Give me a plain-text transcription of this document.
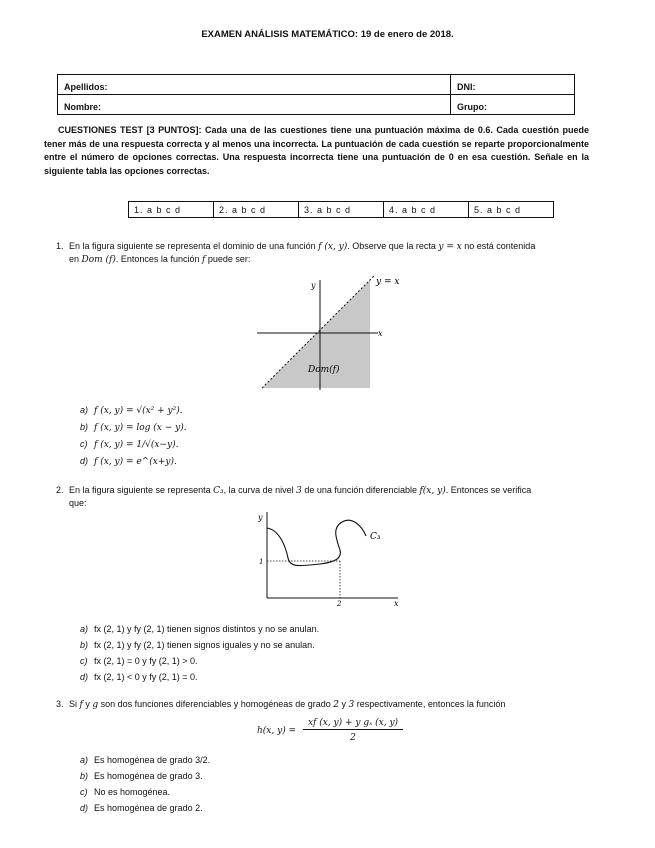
EXAMEN ANÁLISIS MATEMÁTICO: 19 de enero de 2018.
Apellidos:	DNI:
Nombre:	Grupo:
CUESTIONES TEST [3 PUNTOS]: Cada una de las cuestiones tiene una puntuación máxima de 0.6. Cada cuestión puede tener más de una respuesta correcta y al menos una incorrecta. La puntuación de cada cuestión se reparte proporcionalmente entre el número de opciones correctas. Una respuesta incorrecta tiene una puntuación de 0 en esa cuestión. Señale en la siguiente tabla las opciones correctas.
1. a b c d	2. a b c d	3. a b c d	4. a b c d	5. a b c d
1. En la figura siguiente se representa el dominio de una función f (x, y). Observe que la recta y = x no está contenida
en Dom (f). Entonces la función f puede ser:
y
x
y = x
Dom(f)
a) f (x, y) = √(x² + y²).
b) f (x, y) = log (x − y).
c) f (x, y) = 1/√(x−y).
d) f (x, y) = e^(x+y).
2. En la figura siguiente se representa C₃, la curva de nivel 3 de una función diferenciable f(x, y). Entonces se verifica
que:
y
x
C₃
1
2
a) fx (2, 1) y fy (2, 1) tienen signos distintos y no se anulan.
b) fx (2, 1) y fy (2, 1) tienen signos iguales y no se anulan.
c) fx (2, 1) = 0 y fy (2, 1) > 0.
d) fx (2, 1) < 0 y fy (2, 1) = 0.
3. Si f y g son dos funciones diferenciables y homogéneas de grado 2 y 3 respectivamente, entonces la función
h(x, y) =
xf (x, y) + y gₓ (x, y)
2
a) Es homogénea de grado 3/2.
b) Es homogénea de grado 3.
c) No es homogénea.
d) Es homogénea de grado 2.
